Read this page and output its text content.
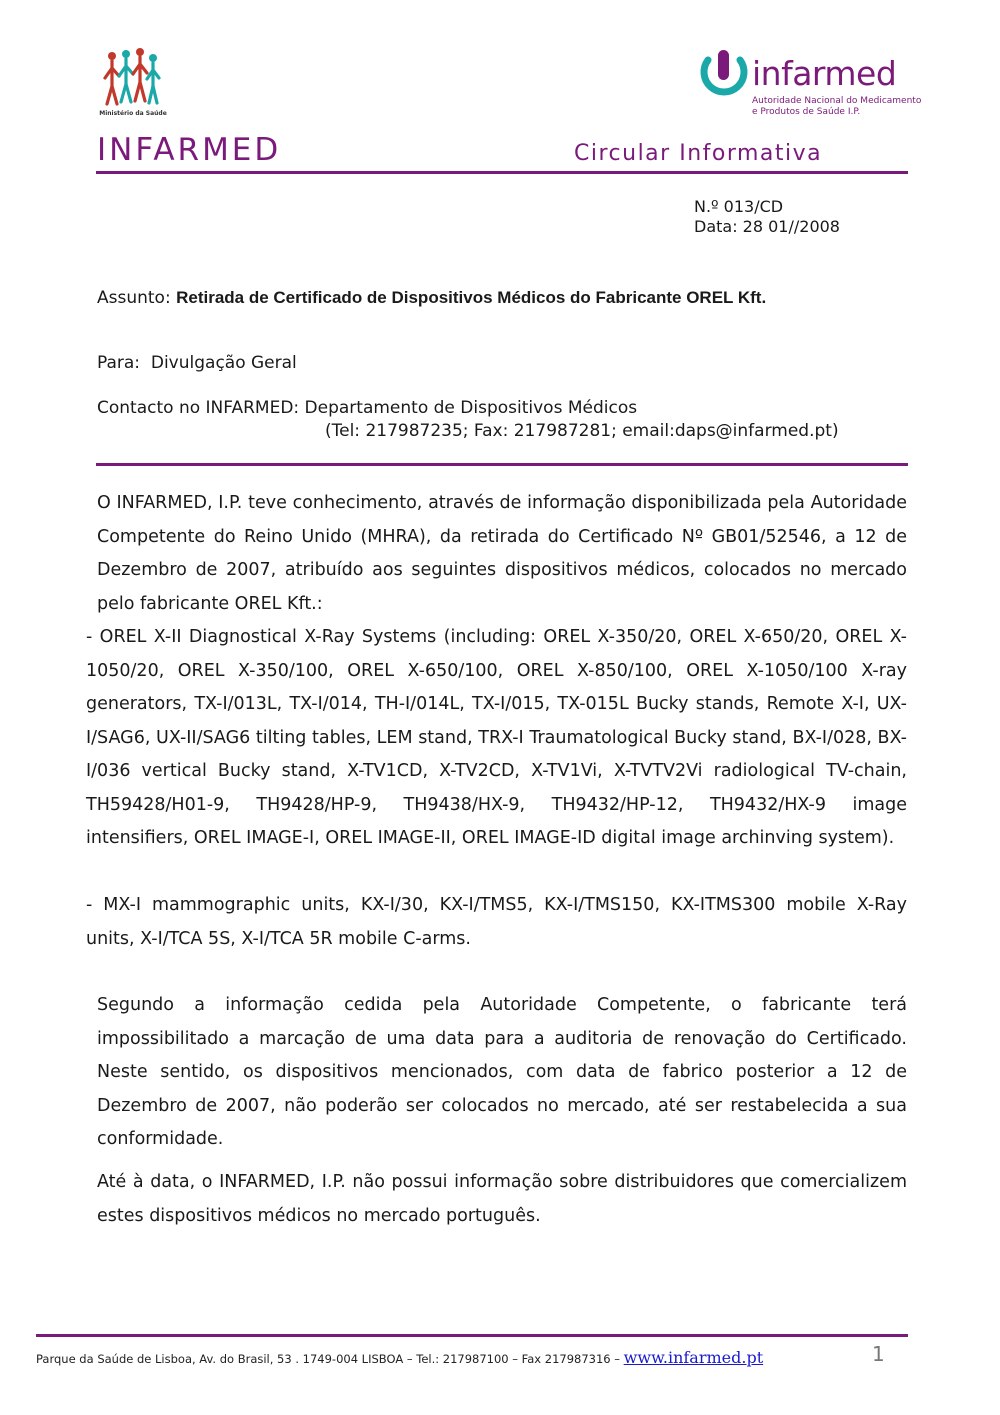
Ministério da Saúde
infarmed
Autoridade Nacional do Medicamento
e Produtos de Saúde I.P.
INFARMED	Circular Informativa
N.º 013/CD
Data: 28 01//2008
Assunto: Retirada de Certificado de Dispositivos Médicos do Fabricante OREL Kft.
Para: Divulgação Geral
Contacto no INFARMED: Departamento de Dispositivos Médicos
(Tel: 217987235; Fax: 217987281; email:daps@infarmed.pt)
O INFARMED, I.P. teve conhecimento, através de informação disponibilizada pela Autoridade Competente do Reino Unido (MHRA), da retirada do Certificado Nº GB01/52546, a 12 de Dezembro de 2007, atribuído aos seguintes dispositivos médicos, colocados no mercado pelo fabricante OREL Kft.:
- OREL X-II Diagnostical X-Ray Systems (including: OREL X-350/20, OREL X-650/20, OREL X-1050/20, OREL X-350/100, OREL X-650/100, OREL X-850/100, OREL X-1050/100 X-ray generators, TX-I/013L, TX-I/014, TH-I/014L, TX-I/015, TX-015L Bucky stands, Remote X-I, UX-I/SAG6, UX-II/SAG6 tilting tables, LEM stand, TRX-I Traumatological Bucky stand, BX-I/028, BX-I/036 vertical Bucky stand, X-TV1CD, X-TV2CD, X-TV1Vi, X-TVTV2Vi radiological TV-chain, TH59428/H01-9, TH9428/HP-9, TH9438/HX-9, TH9432/HP-12, TH9432/HX-9 image intensifiers, OREL IMAGE-I, OREL IMAGE-II, OREL IMAGE-ID digital image archinving system).
- MX-I mammographic units, KX-I/30, KX-I/TMS5, KX-I/TMS150, KX-ITMS300 mobile X-Ray units, X-I/TCA 5S, X-I/TCA 5R mobile C-arms.
Segundo a informação cedida pela Autoridade Competente, o fabricante terá impossibilitado a marcação de uma data para a auditoria de renovação do Certificado. Neste sentido, os dispositivos mencionados, com data de fabrico posterior a 12 de Dezembro de 2007, não poderão ser colocados no mercado, até ser restabelecida a sua conformidade.
Até à data, o INFARMED, I.P. não possui informação sobre distribuidores que comercializem estes dispositivos médicos no mercado português.
Parque da Saúde de Lisboa, Av. do Brasil, 53 . 1749-004 LISBOA – Tel.: 217987100 – Fax 217987316 – www.infarmed.pt	1
